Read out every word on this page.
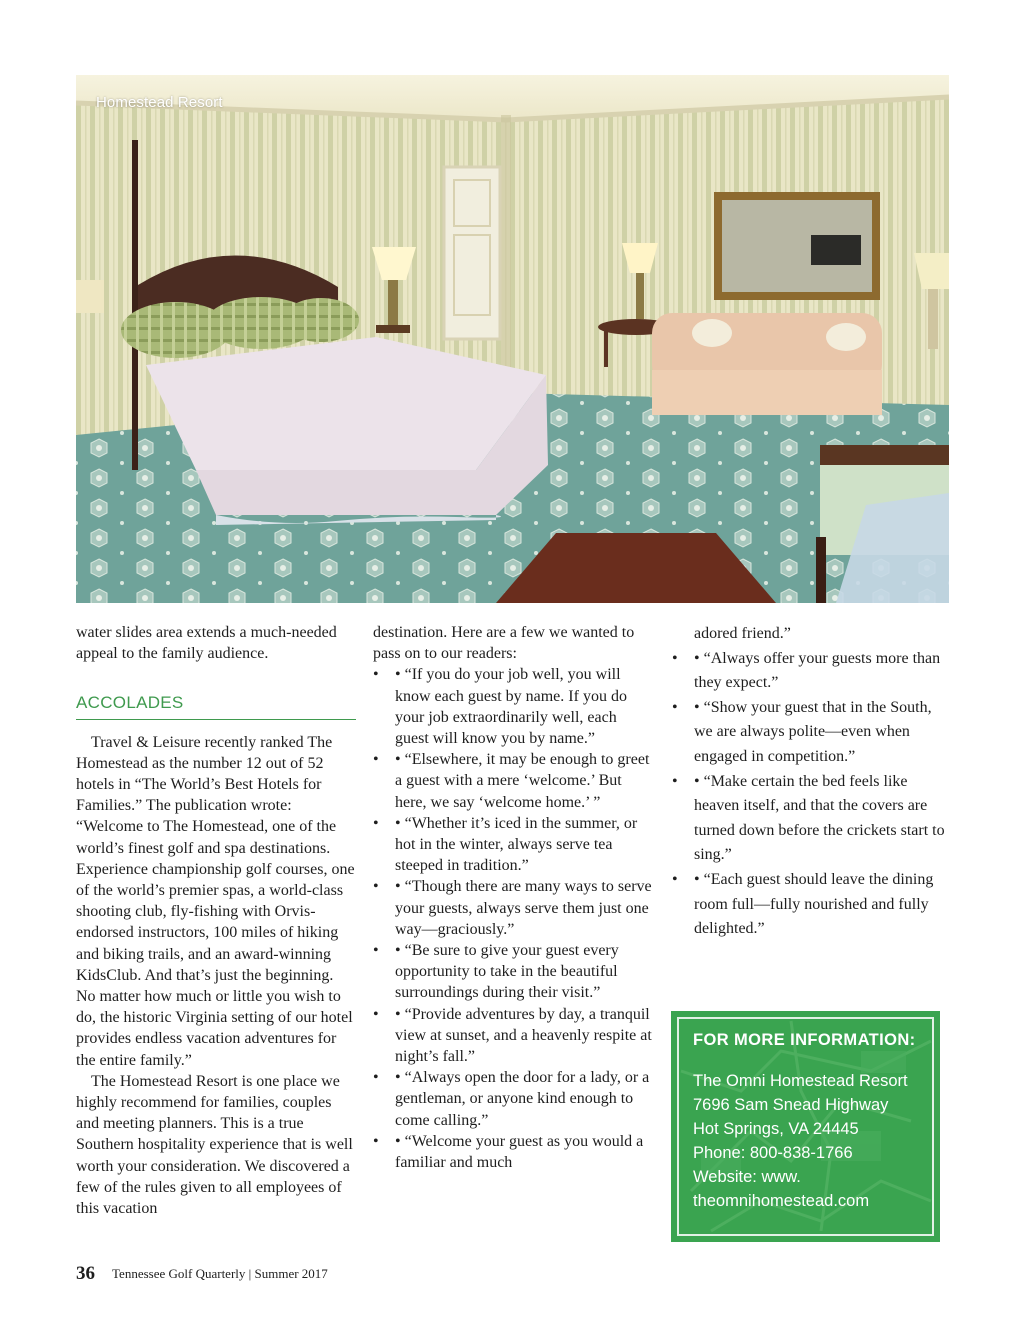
Homestead Resort

water slides area extends a much-needed appeal to the family audience.

ACCOLADES

Travel & Leisure recently ranked The Homestead as the number 12 out of 52 hotels in “The World’s Best Hotels for Families.” The publication wrote: “Welcome to The Homestead, one of the world’s finest golf and spa destinations. Experience championship golf courses, one of the world’s premier spas, a world-class shooting club, fly-fishing with Orvis-endorsed instructors, 100 miles of hiking and biking trails, and an award-winning KidsClub. And that’s just the beginning. No matter how much or little you wish to do, the historic Virginia setting of our hotel provides endless vacation adventures for the entire family.”

The Homestead Resort is one place we highly recommend for families, couples and meeting planners. This is a true Southern hospitality experience that is well worth your consideration. We discovered a few of the rules given to all employees of this vacation

destination. Here are a few we wanted to pass on to our readers:

• • “If you do your job well, you will know each guest by name. If you do your job extraordinarily well, each guest will know you by name.”
• • “Elsewhere, it may be enough to greet a guest with a mere ‘welcome.’ But here, we say ‘welcome home.’ ”
• • “Whether it’s iced in the summer, or hot in the winter, always serve tea steeped in tradition.”
• • “Though there are many ways to serve your guests, always serve them just one way—graciously.”
• • “Be sure to give your guest every opportunity to take in the beautiful surroundings during their visit.”
• • “Provide adventures by day, a tranquil view at sunset, and a heavenly respite at night’s fall.”
• • “Always open the door for a lady, or a gentleman, or anyone kind enough to come calling.”
• • “Welcome your guest as you would a familiar and much

adored friend.”

• • “Always offer your guests more than they expect.”
• • “Show your guest that in the South, we are always polite—even when engaged in competition.”
• • “Make certain the bed feels like heaven itself, and that the covers are turned down before the crickets start to sing.”
• • “Each guest should leave the dining room full—fully nourished and fully delighted.”
FOR MORE INFORMATION:
The Omni Homestead Resort
7696 Sam Snead Highway
Hot Springs, VA 24445
Phone: 800-838-1766
Website: www.
theomnihomestead.com
36 Tennessee Golf Quarterly | Summer 2017
